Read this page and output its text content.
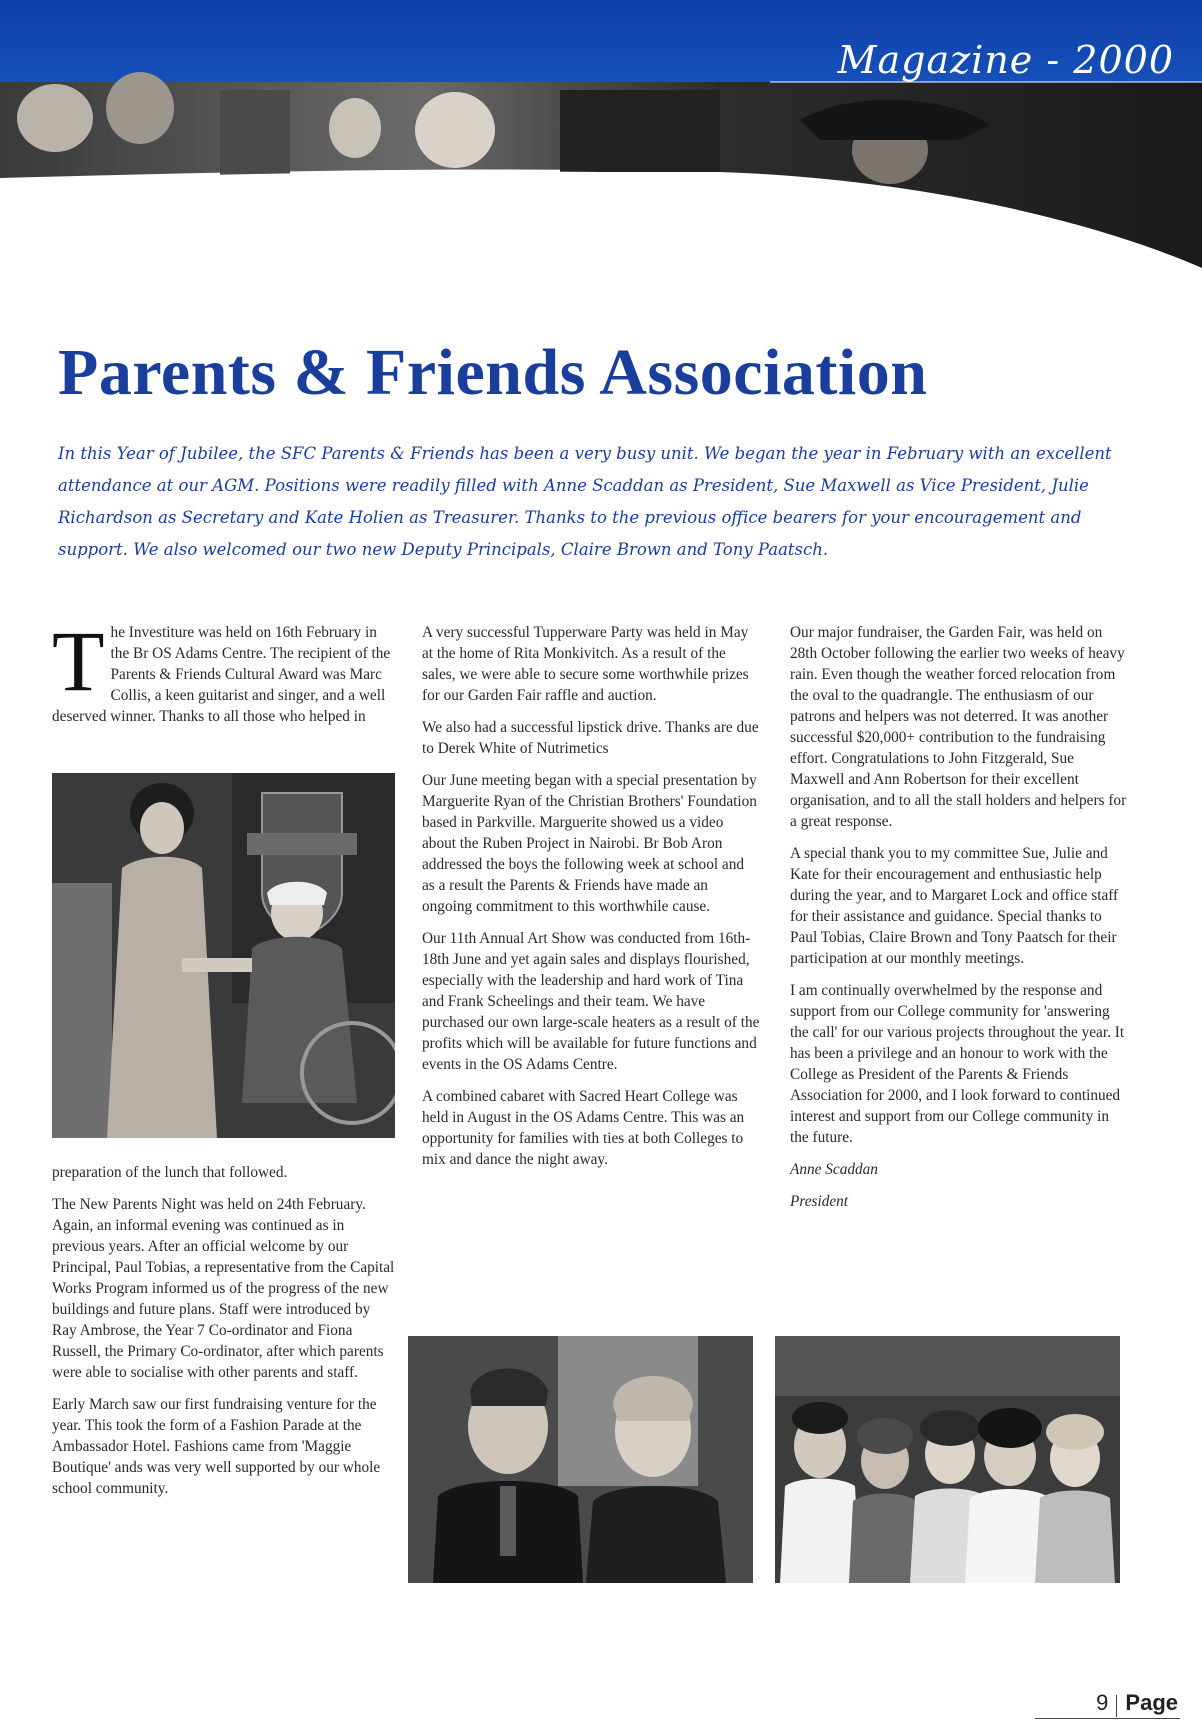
Magazine - 2000
Parents & Friends Association
In this Year of Jubilee, the SFC Parents & Friends has been a very busy unit. We began the year in February with an excellent attendance at our AGM. Positions were readily filled with Anne Scaddan as President, Sue Maxwell as Vice President, Julie Richardson as Secretary and Kate Holien as Treasurer. Thanks to the previous office bearers for your encouragement and support. We also welcomed our two new Deputy Principals, Claire Brown and Tony Paatsch.

The Investiture was held on 16th February in the Br OS Adams Centre. The recipient of the Parents & Friends Cultural Award was Marc Collis, a keen guitarist and singer, and a well deserved winner. Thanks to all those who helped in

preparation of the lunch that followed.

The New Parents Night was held on 24th February. Again, an informal evening was continued as in previous years. After an official welcome by our Principal, Paul Tobias, a representative from the Capital Works Program informed us of the progress of the new buildings and future plans. Staff were introduced by Ray Ambrose, the Year 7 Co-ordinator and Fiona Russell, the Primary Co-ordinator, after which parents were able to socialise with other parents and staff.

Early March saw our first fundraising venture for the year. This took the form of a Fashion Parade at the Ambassador Hotel. Fashions came from 'Maggie Boutique' ands was very well supported by our whole school community.

A very successful Tupperware Party was held in May at the home of Rita Monkivitch. As a result of the sales, we were able to secure some worthwhile prizes for our Garden Fair raffle and auction.

We also had a successful lipstick drive. Thanks are due to Derek White of Nutrimetics

Our June meeting began with a special presentation by Marguerite Ryan of the Christian Brothers' Foundation based in Parkville. Marguerite showed us a video about the Ruben Project in Nairobi. Br Bob Aron addressed the boys the following week at school and as a result the Parents & Friends have made an ongoing commitment to this worthwhile cause.

Our 11th Annual Art Show was conducted from 16th-18th June and yet again sales and displays flourished, especially with the leadership and hard work of Tina and Frank Scheelings and their team. We have purchased our own large-scale heaters as a result of the profits which will be available for future functions and events in the OS Adams Centre.

A combined cabaret with Sacred Heart College was held in August in the OS Adams Centre. This was an opportunity for families with ties at both Colleges to mix and dance the night away.

Our major fundraiser, the Garden Fair, was held on 28th October following the earlier two weeks of heavy rain. Even though the weather forced relocation from the oval to the quadrangle. The enthusiasm of our patrons and helpers was not deterred. It was another successful $20,000+ contribution to the fundraising effort. Congratulations to John Fitzgerald, Sue Maxwell and Ann Robertson for their excellent organisation, and to all the stall holders and helpers for a great response.

A special thank you to my committee Sue, Julie and Kate for their encouragement and enthusiastic help during the year, and to Margaret Lock and office staff for their assistance and guidance. Special thanks to Paul Tobias, Claire Brown and Tony Paatsch for their participation at our monthly meetings.

I am continually overwhelmed by the response and support from our College community for 'answering the call' for our various projects throughout the year. It has been a privilege and an honour to work with the College as President of the Parents & Friends Association for 2000, and I look forward to continued interest and support from our College community in the future.

Anne Scaddan

President

9 Page
